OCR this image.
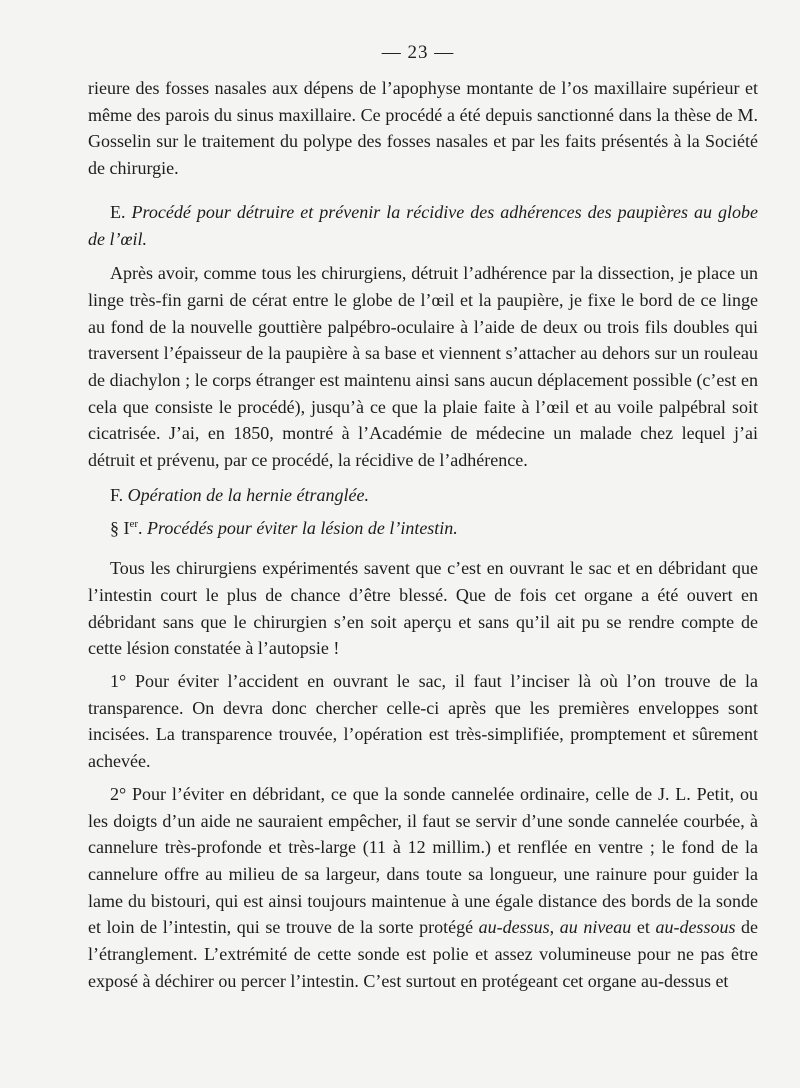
— 23 —

rieure des fosses nasales aux dépens de l’apophyse montante de l’os maxillaire supérieur et même des parois du sinus maxillaire. Ce procédé a été depuis sanctionné dans la thèse de M. Gosselin sur le traitement du polype des fosses nasales et par les faits présentés à la Société de chirurgie.

E. Procédé pour détruire et prévenir la récidive des adhérences des paupières au globe de l’œil.

Après avoir, comme tous les chirurgiens, détruit l’adhérence par la dissection, je place un linge très-fin garni de cérat entre le globe de l’œil et la paupière, je fixe le bord de ce linge au fond de la nouvelle gouttière palpébro-oculaire à l’aide de deux ou trois fils doubles qui traversent l’épaisseur de la paupière à sa base et viennent s’attacher au dehors sur un rouleau de diachylon ; le corps étranger est maintenu ainsi sans aucun déplacement possible (c’est en cela que consiste le procédé), jusqu’à ce que la plaie faite à l’œil et au voile palpébral soit cicatrisée. J’ai, en 1850, montré à l’Académie de médecine un malade chez lequel j’ai détruit et prévenu, par ce procédé, la récidive de l’adhérence.

F. Opération de la hernie étranglée.

§ Ier. Procédés pour éviter la lésion de l’intestin.

Tous les chirurgiens expérimentés savent que c’est en ouvrant le sac et en débridant que l’intestin court le plus de chance d’être blessé. Que de fois cet organe a été ouvert en débridant sans que le chirurgien s’en soit aperçu et sans qu’il ait pu se rendre compte de cette lésion constatée à l’autopsie !

1° Pour éviter l’accident en ouvrant le sac, il faut l’inciser là où l’on trouve de la transparence. On devra donc chercher celle-ci après que les premières enveloppes sont incisées. La transparence trouvée, l’opération est très-simplifiée, promptement et sûrement achevée.

2° Pour l’éviter en débridant, ce que la sonde cannelée ordinaire, celle de J. L. Petit, ou les doigts d’un aide ne sauraient empêcher, il faut se servir d’une sonde cannelée courbée, à cannelure très-profonde et très-large (11 à 12 millim.) et renflée en ventre ; le fond de la cannelure offre au milieu de sa largeur, dans toute sa longueur, une rainure pour guider la lame du bistouri, qui est ainsi toujours maintenue à une égale distance des bords de la sonde et loin de l’intestin, qui se trouve de la sorte protégé au-dessus, au niveau et au-dessous de l’étranglement. L’extrémité de cette sonde est polie et assez volumineuse pour ne pas être exposé à déchirer ou percer l’intestin. C’est surtout en protégeant cet organe au-dessus et
